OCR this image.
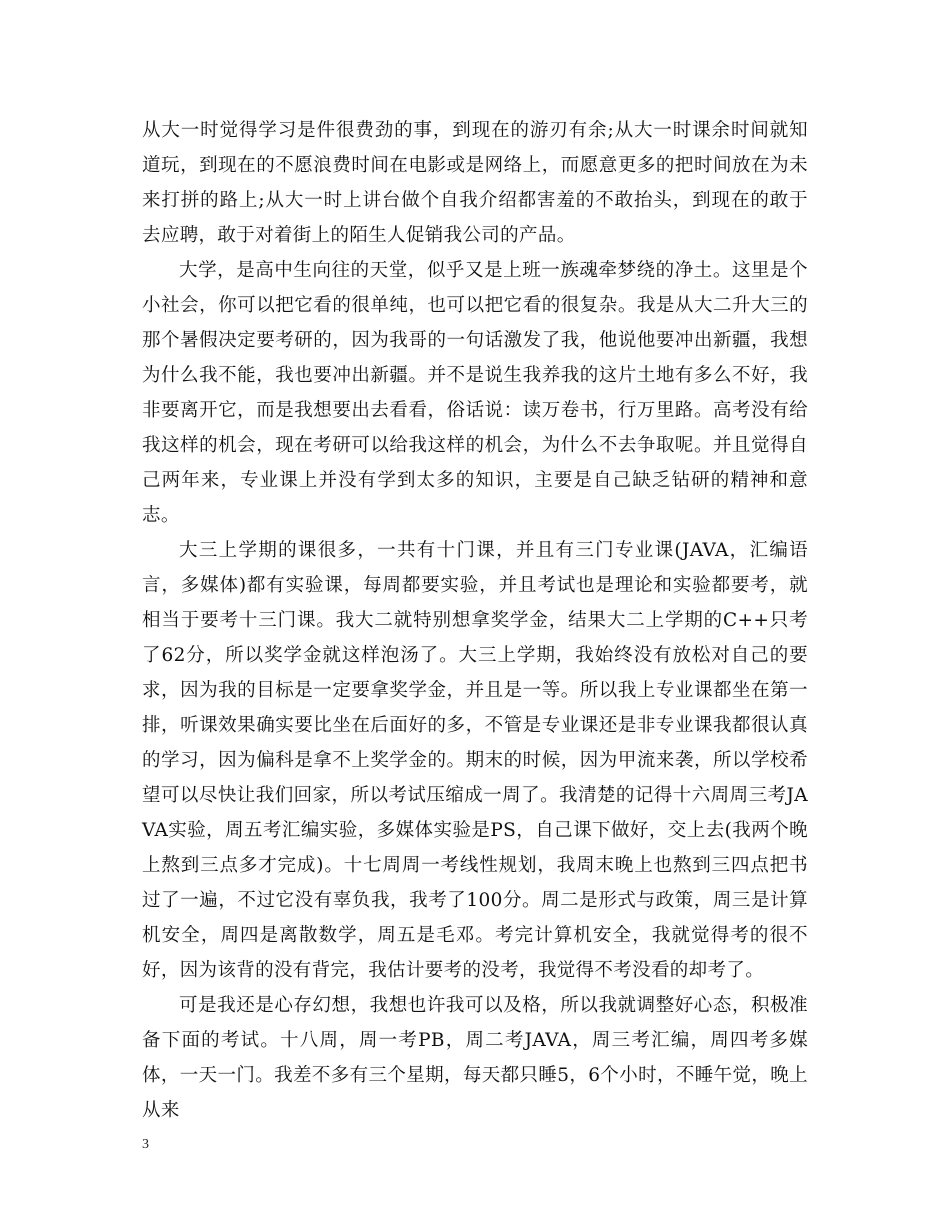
从大一时觉得学习是件很费劲的事，到现在的游刃有余;从大一时课余时间就知道玩，到现在的不愿浪费时间在电影或是网络上，而愿意更多的把时间放在为未来打拼的路上;从大一时上讲台做个自我介绍都害羞的不敢抬头，到现在的敢于去应聘，敢于对着街上的陌生人促销我公司的产品。

大学，是高中生向往的天堂，似乎又是上班一族魂牵梦绕的净土。这里是个小社会，你可以把它看的很单纯，也可以把它看的很复杂。我是从大二升大三的那个暑假决定要考研的，因为我哥的一句话激发了我，他说他要冲出新疆，我想为什么我不能，我也要冲出新疆。并不是说生我养我的这片土地有多么不好，我非要离开它，而是我想要出去看看，俗话说：读万卷书，行万里路。高考没有给我这样的机会，现在考研可以给我这样的机会，为什么不去争取呢。并且觉得自己两年来，专业课上并没有学到太多的知识，主要是自己缺乏钻研的精神和意志。

大三上学期的课很多，一共有十门课，并且有三门专业课(JAVA，汇编语言，多媒体)都有实验课，每周都要实验，并且考试也是理论和实验都要考，就相当于要考十三门课。我大二就特别想拿奖学金，结果大二上学期的C++只考了62分，所以奖学金就这样泡汤了。大三上学期，我始终没有放松对自己的要求，因为我的目标是一定要拿奖学金，并且是一等。所以我上专业课都坐在第一排，听课效果确实要比坐在后面好的多，不管是专业课还是非专业课我都很认真的学习，因为偏科是拿不上奖学金的。期末的时候，因为甲流来袭，所以学校希望可以尽快让我们回家，所以考试压缩成一周了。我清楚的记得十六周周三考JAVA实验，周五考汇编实验，多媒体实验是PS，自己课下做好，交上去(我两个晚上熬到三点多才完成)。十七周周一考线性规划，我周末晚上也熬到三四点把书过了一遍，不过它没有辜负我，我考了100分。周二是形式与政策，周三是计算机安全，周四是离散数学，周五是毛邓。考完计算机安全，我就觉得考的很不好，因为该背的没有背完，我估计要考的没考，我觉得不考没看的却考了。

可是我还是心存幻想，我想也许我可以及格，所以我就调整好心态，积极准备下面的考试。十八周，周一考PB，周二考JAVA，周三考汇编，周四考多媒体，一天一门。我差不多有三个星期，每天都只睡5，6个小时，不睡午觉，晚上从来

3
